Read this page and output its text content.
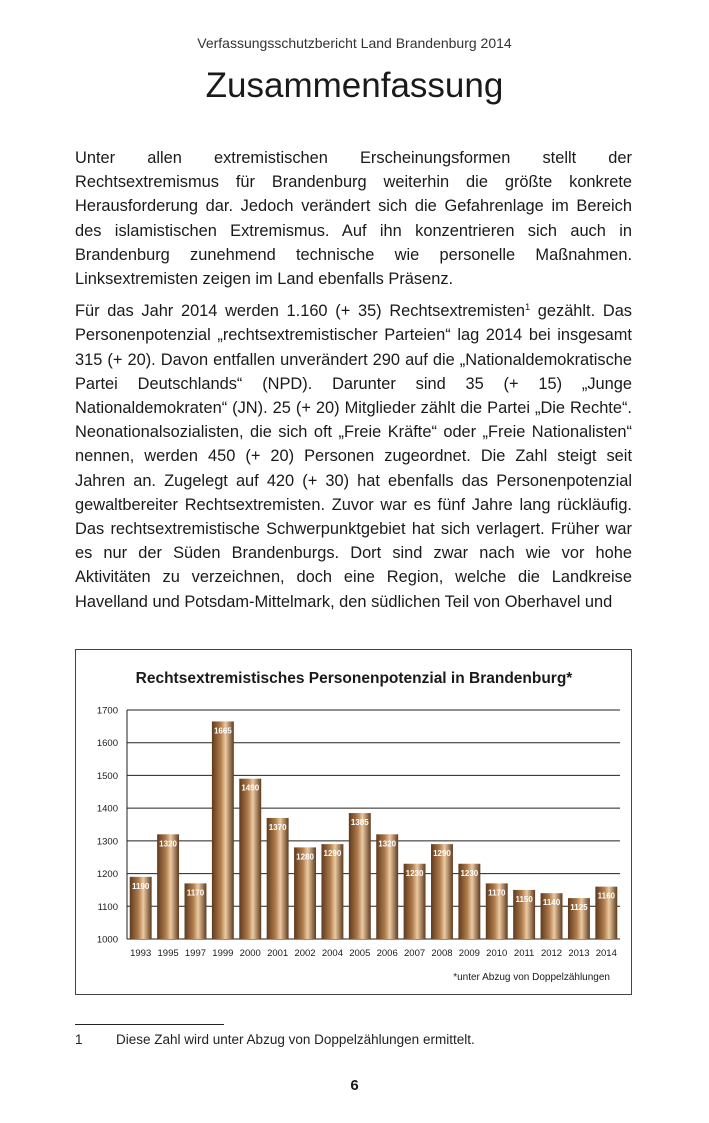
Verfassungsschutzbericht Land Brandenburg 2014
Zusammenfassung

Unter allen extremistischen Erscheinungsformen stellt der Rechtsextremismus für Brandenburg weiterhin die größte konkrete Herausforderung dar. Jedoch verändert sich die Gefahrenlage im Bereich des islamistischen Extremismus. Auf ihn konzentrieren sich auch in Brandenburg zunehmend technische wie personelle Maßnahmen. Linksextremisten zeigen im Land ebenfalls Präsenz.

Für das Jahr 2014 werden 1.160 (+ 35) Rechtsextremisten$^1$ gezählt. Das Personenpotenzial „rechtsextremistischer Parteien“ lag 2014 bei insgesamt 315 (+ 20). Davon entfallen unverändert 290 auf die „Nationaldemokratische Partei Deutschlands“ (NPD). Darunter sind 35 (+ 15) „Junge Nationaldemokraten“ (JN). 25 (+ 20) Mitglieder zählt die Partei „Die Rechte“. Neonationalsozialisten, die sich oft „Freie Kräfte“ oder „Freie Nationalisten“ nennen, werden 450 (+ 20) Personen zugeordnet. Die Zahl steigt seit Jahren an. Zugelegt auf 420 (+ 30) hat ebenfalls das Personenpotenzial gewaltbereiter Rechtsextremisten. Zuvor war es fünf Jahre lang rückläufig. Das rechtsextremistische Schwerpunktgebiet hat sich verlagert. Früher war es nur der Süden Brandenburgs. Dort sind zwar nach wie vor hohe Aktivitäten zu verzeichnen, doch eine Region, welche die Landkreise Havelland und Potsdam-Mittelmark, den südlichen Teil von Oberhavel und

Rechtsextremistisches Personenpotenzial in Brandenburg*
1000
1100
1200
1300
1400
1500
1600
1700
1190
1320
1170
1665
1490
1370
1280 1290
1385
1320
1230
1290
1230
1170
1150 1140
1125
1160
1993 1995 1997 1999 2000 2001 2002 2004 2005 2006 2007 2008 2009 2010 2011 2012 2013 2014
*unter Abzug von Doppelzählungen
1 Diese Zahl wird unter Abzug von Doppelzählungen ermittelt.
6
